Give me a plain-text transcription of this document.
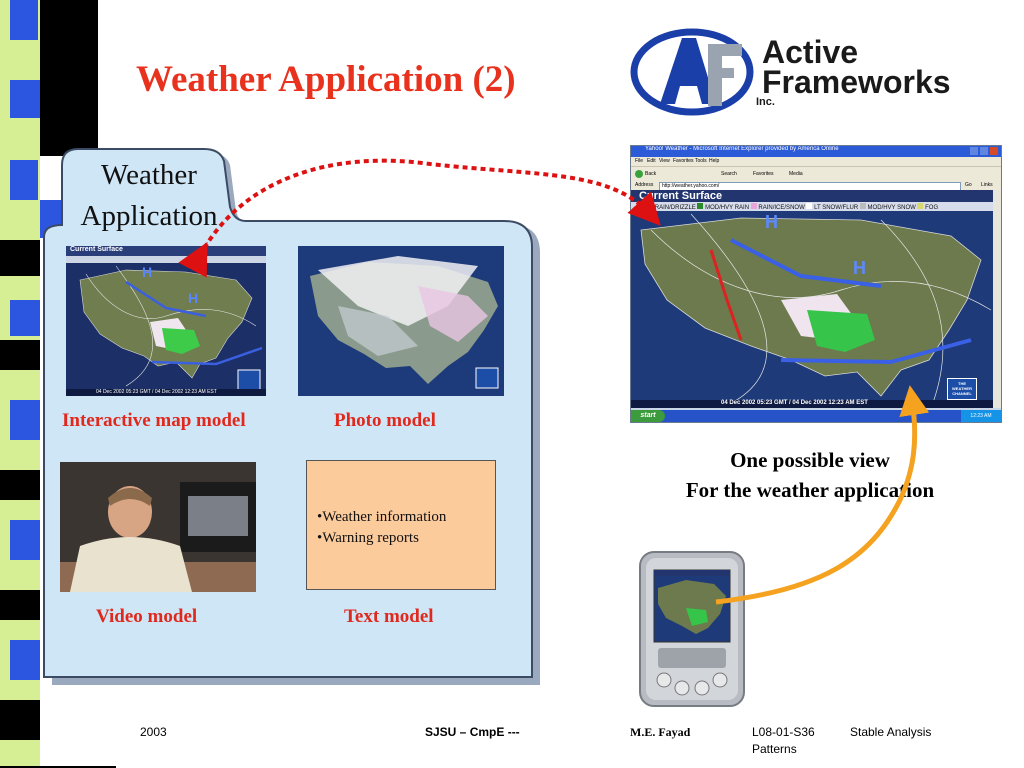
Weather Application (2)
Active
Frameworks
Inc.
Weather
Application
Current Surface
H
H
04 Dec 2002 05:23 GMT / 04 Dec 2002 12:23 AM EST
Interactive map model	Photo model
•Weather information
•Warning reports
Video model	Text model
Yahoo! Weather - Microsoft Internet Explorer provided by America Online
File Edit View Favorites Tools Help
Back	Search	Favorites	Media
Address http://weather.yahoo.com/	Go Links
Current Surface
LT RAIN/DRIZZLE MOD/HVY RAIN RAIN/ICE/SNOW LT SNOW/FLUR MOD/HVY SNOW FOG
H
H
THE
WEATHER
CHANNEL
04 Dec 2002 05:23 GMT / 04 Dec 2002 12:23 AM EST
start	12:23 AM
One possible view
For the weather application
2003	SJSU – CmpE ---	M.E. Fayad	L08-01-S36	Stable Analysis
Patterns
